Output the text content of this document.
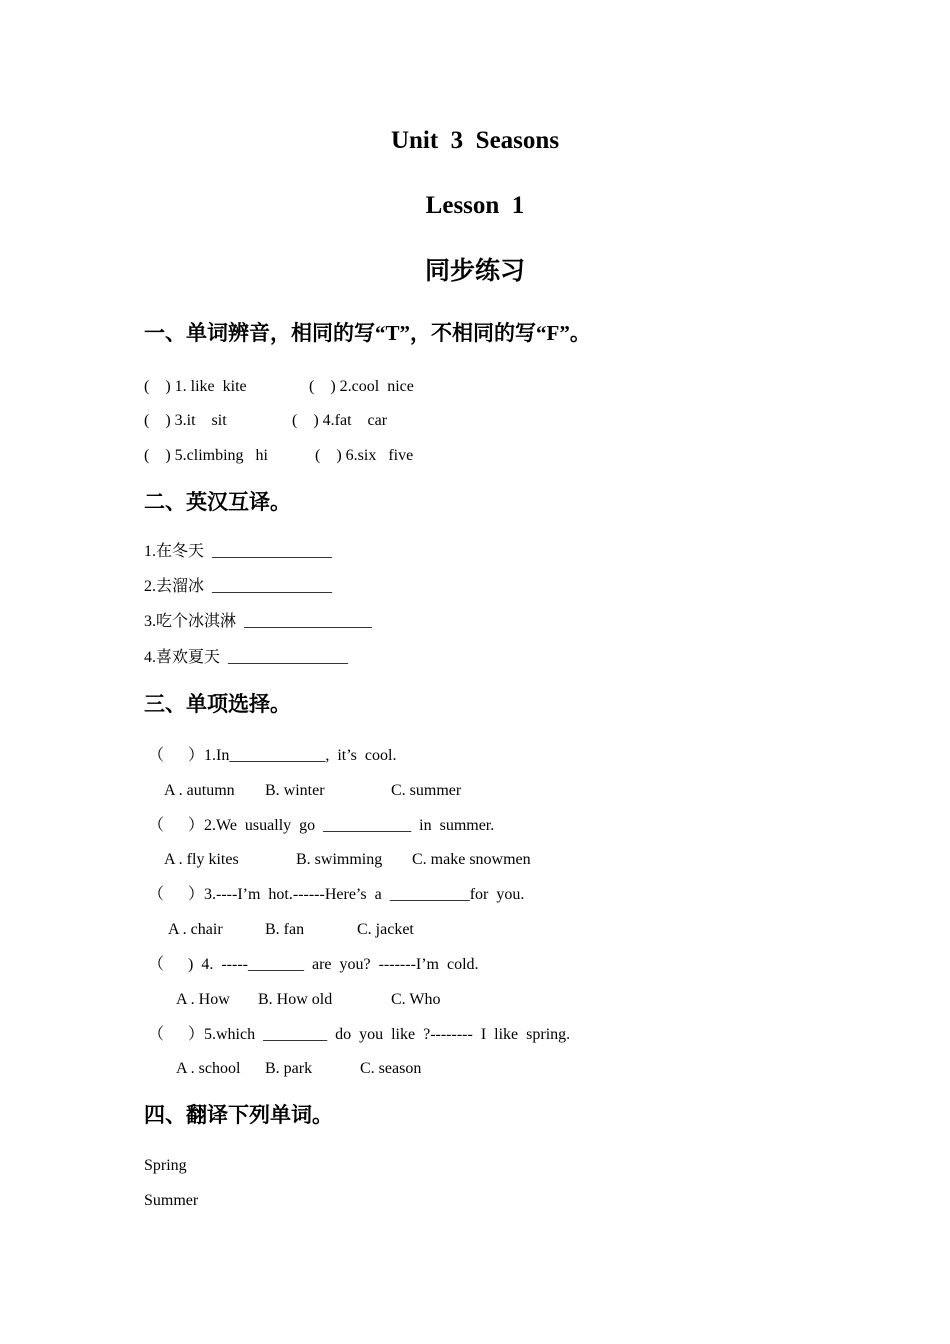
Unit  3  Seasons
Lesson  1
同步练习
一、单词辨音，相同的写“T”，不相同的写“F”。
(    ) 1. like  kite	(    ) 2.cool  nice
(    ) 3.it    sit	(    ) 4.fat    car
(    ) 5.climbing   hi	(    ) 6.six   five
二、英汉互译。
1.在冬天  _______________
2.去溜冰  _______________
3.吃个冰淇淋  ________________
4.喜欢夏天  _______________
三、单项选择。
（      ）1.In____________,  it’s  cool.
A . autumn B. winter	C. summer
（      ）2.We  usually  go  ___________  in  summer.
A . fly kites	B. swimming C. make snowmen
（      ）3.----I’m  hot.------Here’s  a  __________for  you.
A . chair	B. fan	C. jacket
（      )  4.  -----_______  are  you?  -------I’m  cold.
A . How B. How old	C. Who
（      ）5.which  ________  do  you  like  ?--------  I  like  spring.
A . school B. park	C. season
四、翻译下列单词。
Spring
Summer
